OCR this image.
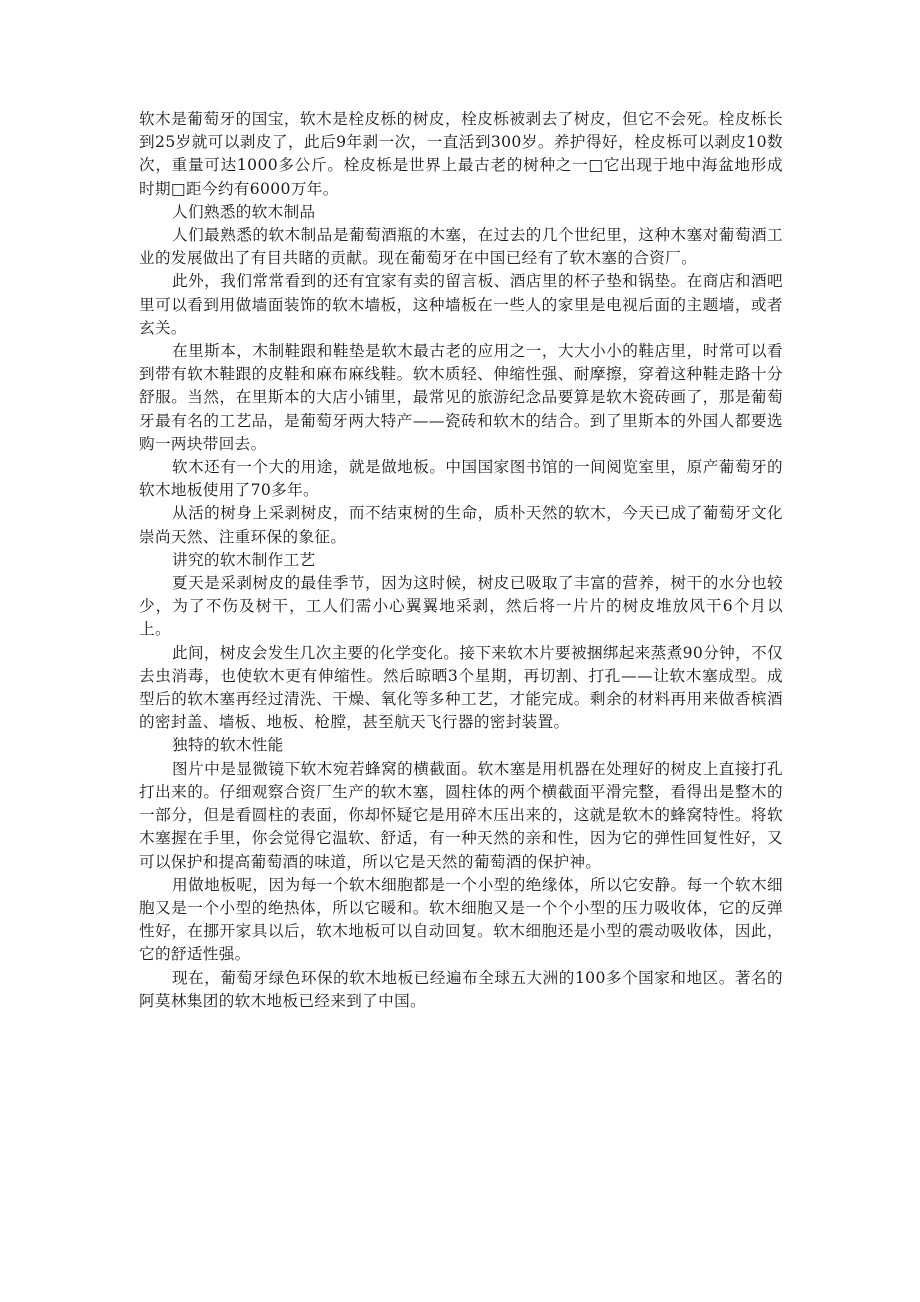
软木是葡萄牙的国宝，软木是栓皮栎的树皮，栓皮栎被剥去了树皮，但它不会死。栓皮栎长到25岁就可以剥皮了，此后9年剥一次，一直活到300岁。养护得好，栓皮栎可以剥皮10数次，重量可达1000多公斤。栓皮栎是世界上最古老的树种之一□它出现于地中海盆地形成时期□距今约有6000万年。

人们熟悉的软木制品

人们最熟悉的软木制品是葡萄酒瓶的木塞，在过去的几个世纪里，这种木塞对葡萄酒工业的发展做出了有目共睹的贡献。现在葡萄牙在中国已经有了软木塞的合资厂。

此外，我们常常看到的还有宜家有卖的留言板、酒店里的杯子垫和锅垫。在商店和酒吧里可以看到用做墙面装饰的软木墙板，这种墙板在一些人的家里是电视后面的主题墙，或者玄关。

在里斯本，木制鞋跟和鞋垫是软木最古老的应用之一，大大小小的鞋店里，时常可以看到带有软木鞋跟的皮鞋和麻布麻线鞋。软木质轻、伸缩性强、耐摩擦，穿着这种鞋走路十分舒服。当然，在里斯本的大店小铺里，最常见的旅游纪念品要算是软木瓷砖画了，那是葡萄牙最有名的工艺品，是葡萄牙两大特产——瓷砖和软木的结合。到了里斯本的外国人都要选购一两块带回去。

软木还有一个大的用途，就是做地板。中国国家图书馆的一间阅览室里，原产葡萄牙的软木地板使用了70多年。

从活的树身上采剥树皮，而不结束树的生命，质朴天然的软木，今天已成了葡萄牙文化崇尚天然、注重环保的象征。

讲究的软木制作工艺

夏天是采剥树皮的最佳季节，因为这时候，树皮已吸取了丰富的营养，树干的水分也较少，为了不伤及树干，工人们需小心翼翼地采剥，然后将一片片的树皮堆放风干6个月以上。

此间，树皮会发生几次主要的化学变化。接下来软木片要被捆绑起来蒸煮90分钟，不仅去虫消毒，也使软木更有伸缩性。然后晾晒3个星期，再切割、打孔——让软木塞成型。成型后的软木塞再经过清洗、干燥、氧化等多种工艺，才能完成。剩余的材料再用来做香槟酒的密封盖、墙板、地板、枪膛，甚至航天飞行器的密封装置。

独特的软木性能

图片中是显微镜下软木宛若蜂窝的横截面。软木塞是用机器在处理好的树皮上直接打孔打出来的。仔细观察合资厂生产的软木塞，圆柱体的两个横截面平滑完整，看得出是整木的一部分，但是看圆柱的表面，你却怀疑它是用碎木压出来的，这就是软木的蜂窝特性。将软木塞握在手里，你会觉得它温软、舒适，有一种天然的亲和性，因为它的弹性回复性好，又可以保护和提高葡萄酒的味道，所以它是天然的葡萄酒的保护神。

用做地板呢，因为每一个软木细胞都是一个小型的绝缘体，所以它安静。每一个软木细胞又是一个小型的绝热体，所以它暖和。软木细胞又是一个个小型的压力吸收体，它的反弹性好，在挪开家具以后，软木地板可以自动回复。软木细胞还是小型的震动吸收体，因此，它的舒适性强。

现在，葡萄牙绿色环保的软木地板已经遍布全球五大洲的100多个国家和地区。著名的阿莫林集团的软木地板已经来到了中国。
